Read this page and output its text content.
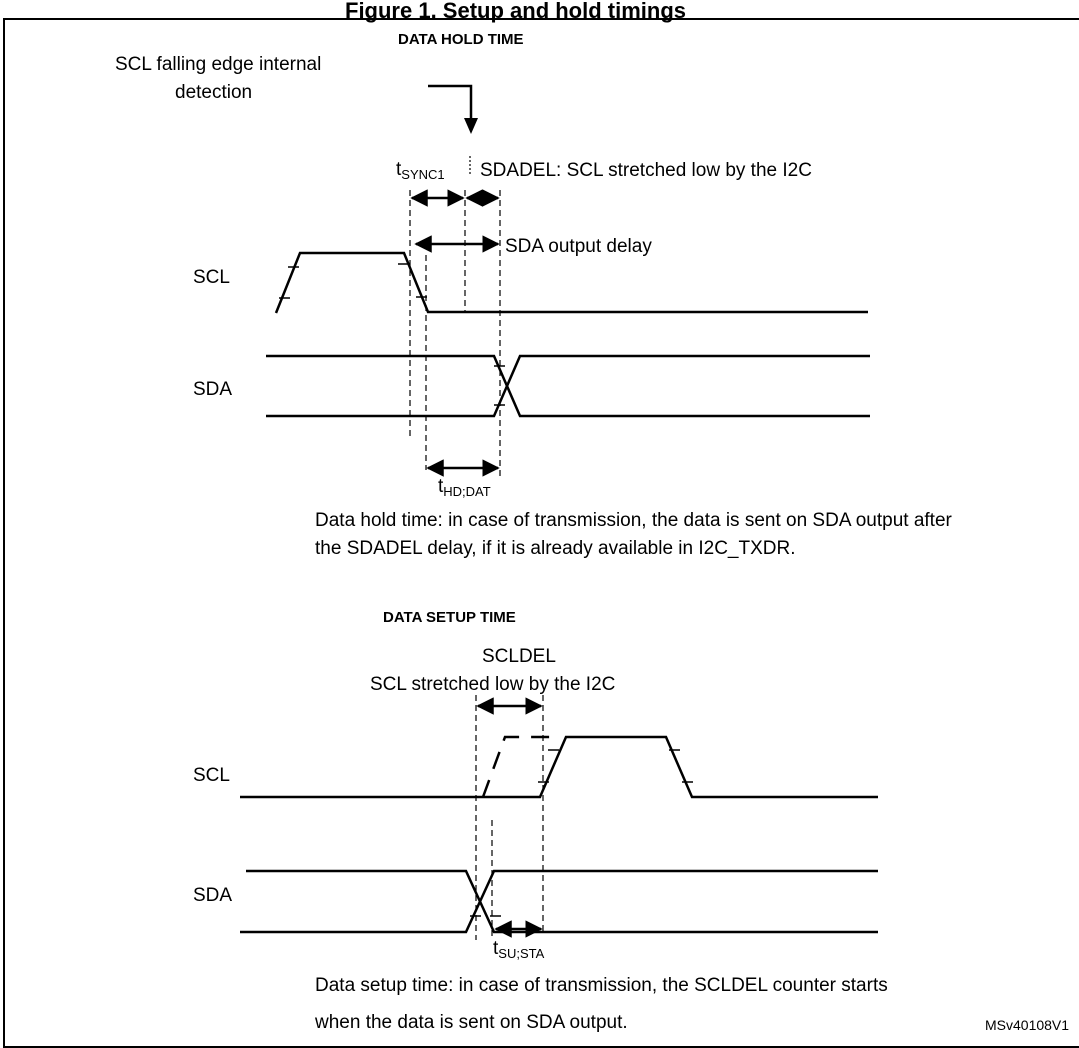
Figure 1. Setup and hold timings
DATA HOLD TIME
SCL falling edge internal
detection
$t_{SYNC1}$ SDADEL: SCL stretched low by the I2C
SDA output delay
SCL
SDA
$t_{HD;DAT}$
Data hold time: in case of transmission, the data is sent on SDA output after
the SDADEL delay, if it is already available in I2C_TXDR.
DATA SETUP TIME
SCLDEL
SCL stretched low by the I2C
SCL
SDA
$t_{SU;STA}$
Data setup time: in case of transmission, the SCLDEL counter starts
when the data is sent on SDA output.	MSv40108V1
